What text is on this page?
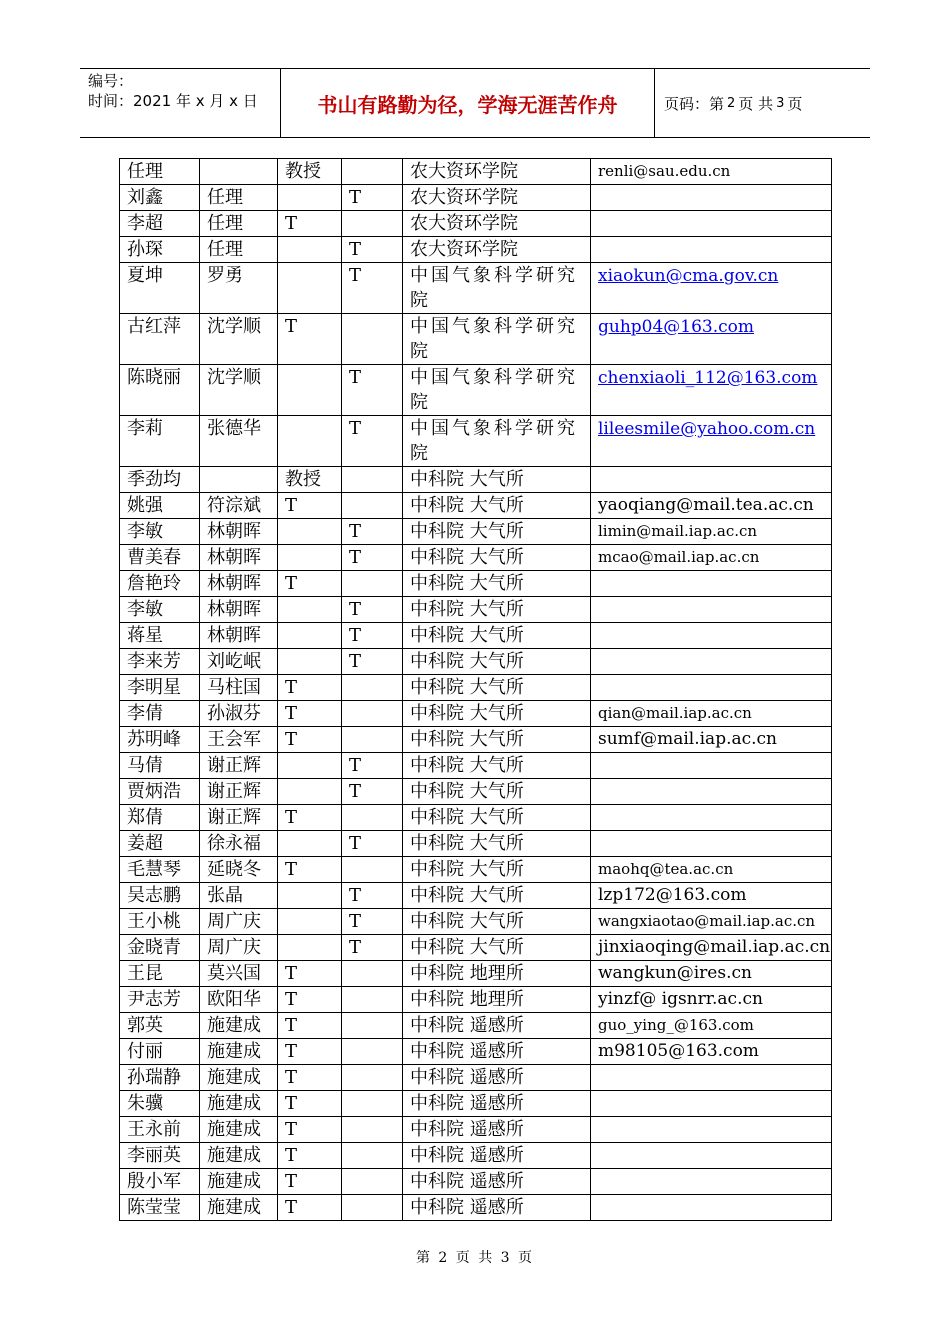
编号：
时间：2021 年 x 月 x 日	书山有路勤为径，学海无涯苦作舟	页码：第 2 页 共 3 页
任理		教授		农大资环学院	renli@sau.edu.cn
刘鑫	任理		T	农大资环学院	
李超	任理	T		农大资环学院	
孙琛	任理		T	农大资环学院	
夏坤	罗勇		T	中国气象科学研究院	xiaokun@cma.gov.cn
古红萍	沈学顺	T		中国气象科学研究院	guhp04@163.com
陈晓丽	沈学顺		T	中国气象科学研究院	chenxiaoli_112@163.com
李莉	张德华		T	中国气象科学研究院	lileesmile@yahoo.com.cn
季劲均		教授		中科院 大气所	
姚强	符淙斌	T		中科院 大气所	yaoqiang@mail.tea.ac.cn
李敏	林朝晖		T	中科院 大气所	limin@mail.iap.ac.cn
曹美春	林朝晖		T	中科院 大气所	mcao@mail.iap.ac.cn
詹艳玲	林朝晖	T		中科院 大气所	
李敏	林朝晖		T	中科院 大气所	
蒋星	林朝晖		T	中科院 大气所	
李来芳	刘屹岷		T	中科院 大气所	
李明星	马柱国	T		中科院 大气所	
李倩	孙淑芬	T		中科院 大气所	qian@mail.iap.ac.cn
苏明峰	王会军	T		中科院 大气所	sumf@mail.iap.ac.cn
马倩	谢正辉		T	中科院 大气所	
贾炳浩	谢正辉		T	中科院 大气所	
郑倩	谢正辉	T		中科院 大气所	
姜超	徐永福		T	中科院 大气所	
毛慧琴	延晓冬	T		中科院 大气所	maohq@tea.ac.cn
吴志鹏	张晶		T	中科院 大气所	lzp172@163.com
王小桃	周广庆		T	中科院 大气所	wangxiaotao@mail.iap.ac.cn
金晓青	周广庆		T	中科院 大气所	jinxiaoqing@mail.iap.ac.cn
王昆	莫兴国	T		中科院 地理所	wangkun@ires.cn
尹志芳	欧阳华	T		中科院 地理所	yinzf@ igsnrr.ac.cn
郭英	施建成	T		中科院 遥感所	guo_ying_@163.com
付丽	施建成	T		中科院 遥感所	m98105@163.com
孙瑞静	施建成	T		中科院 遥感所	
朱骥	施建成	T		中科院 遥感所	
王永前	施建成	T		中科院 遥感所	
李丽英	施建成	T		中科院 遥感所	
殷小军	施建成	T		中科院 遥感所	
陈莹莹	施建成	T		中科院 遥感所	
第 2 页 共 3 页
